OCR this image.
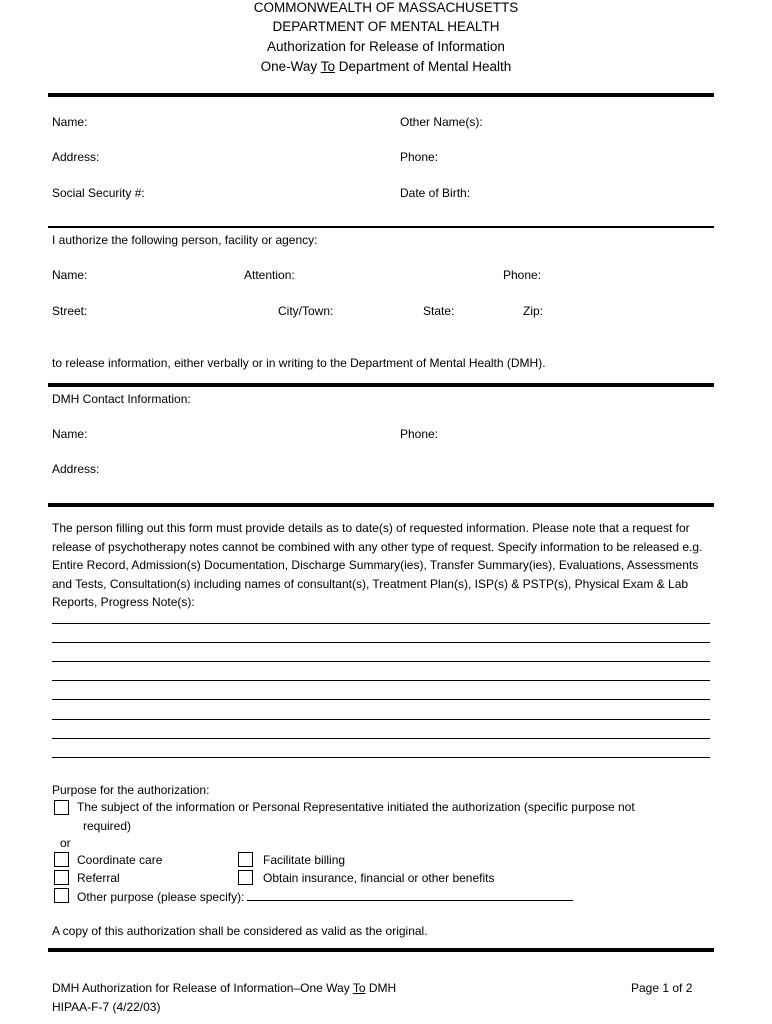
COMMONWEALTH OF MASSACHUSETTS
DEPARTMENT OF MENTAL HEALTH
Authorization for Release of Information
One-Way To Department of Mental Health
Name:	Other Name(s):
Address:	Phone:
Social Security #:	Date of Birth:
I authorize the following person, facility or agency:
Name:	Attention:	Phone:
Street:	City/Town:	State:	Zip:
to release information, either verbally or in writing to the Department of Mental Health (DMH).
DMH Contact Information:
Name:	Phone:
Address:
The person filling out this form must provide details as to date(s) of requested information. Please note that a request for release of psychotherapy notes cannot be combined with any other type of request. Specify information to be released e.g. Entire Record, Admission(s) Documentation, Discharge Summary(ies), Transfer Summary(ies), Evaluations, Assessments and Tests, Consultation(s) including names of consultant(s), Treatment Plan(s), ISP(s) & PSTP(s), Physical Exam & Lab Reports, Progress Note(s):
Purpose for the authorization:
The subject of the information or Personal Representative initiated the authorization (specific purpose not
required)
or
Coordinate care	Facilitate billing
Referral	Obtain insurance, financial or other benefits
Other purpose (please specify):
A copy of this authorization shall be considered as valid as the original.
DMH Authorization for Release of Information–One Way To DMH	Page 1 of 2
HIPAA-F-7 (4/22/03)
